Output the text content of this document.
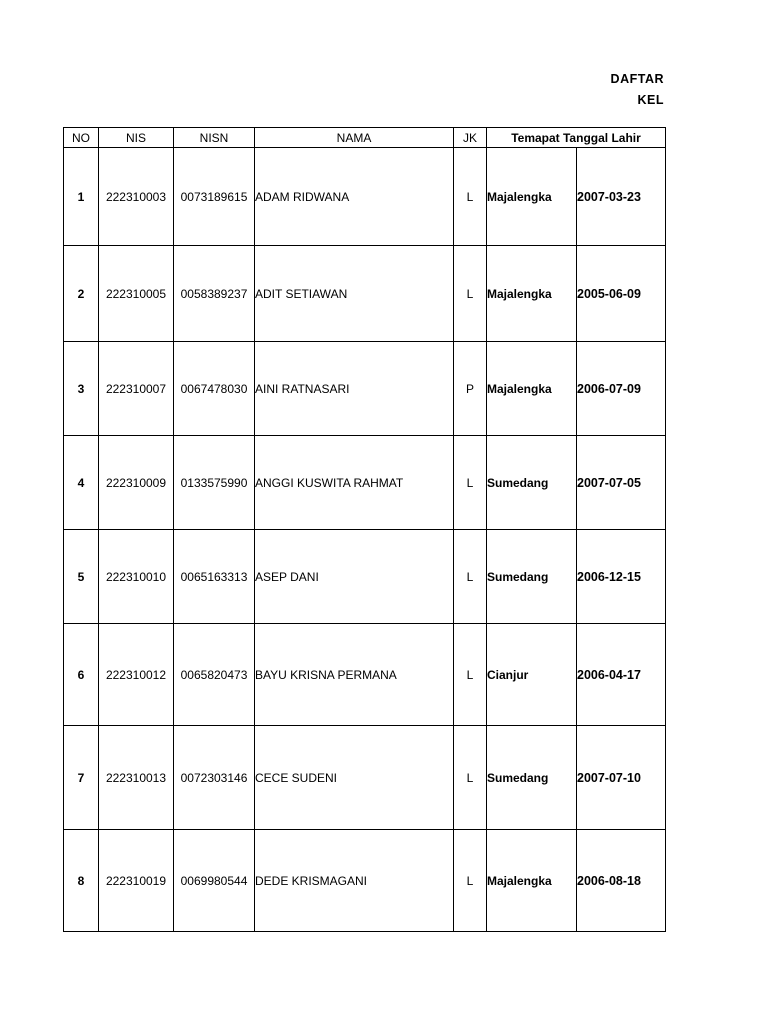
DAFTAR
KEL
NO	NIS	NISN	NAMA	JK	Temapat Tanggal Lahir	
1	222310003	0073189615	ADAM RIDWANA	L	Majalengka	2007-03-23
2	222310005	0058389237	ADIT SETIAWAN	L	Majalengka	2005-06-09
3	222310007	0067478030	AINI RATNASARI	P	Majalengka	2006-07-09
4	222310009	0133575990	ANGGI KUSWITA RAHMAT	L	Sumedang	2007-07-05
5	222310010	0065163313	ASEP DANI	L	Sumedang	2006-12-15
6	222310012	0065820473	BAYU KRISNA PERMANA	L	Cianjur	2006-04-17
7	222310013	0072303146	CECE SUDENI	L	Sumedang	2007-07-10
8	222310019	0069980544	DEDE KRISMAGANI	L	Majalengka	2006-08-18
